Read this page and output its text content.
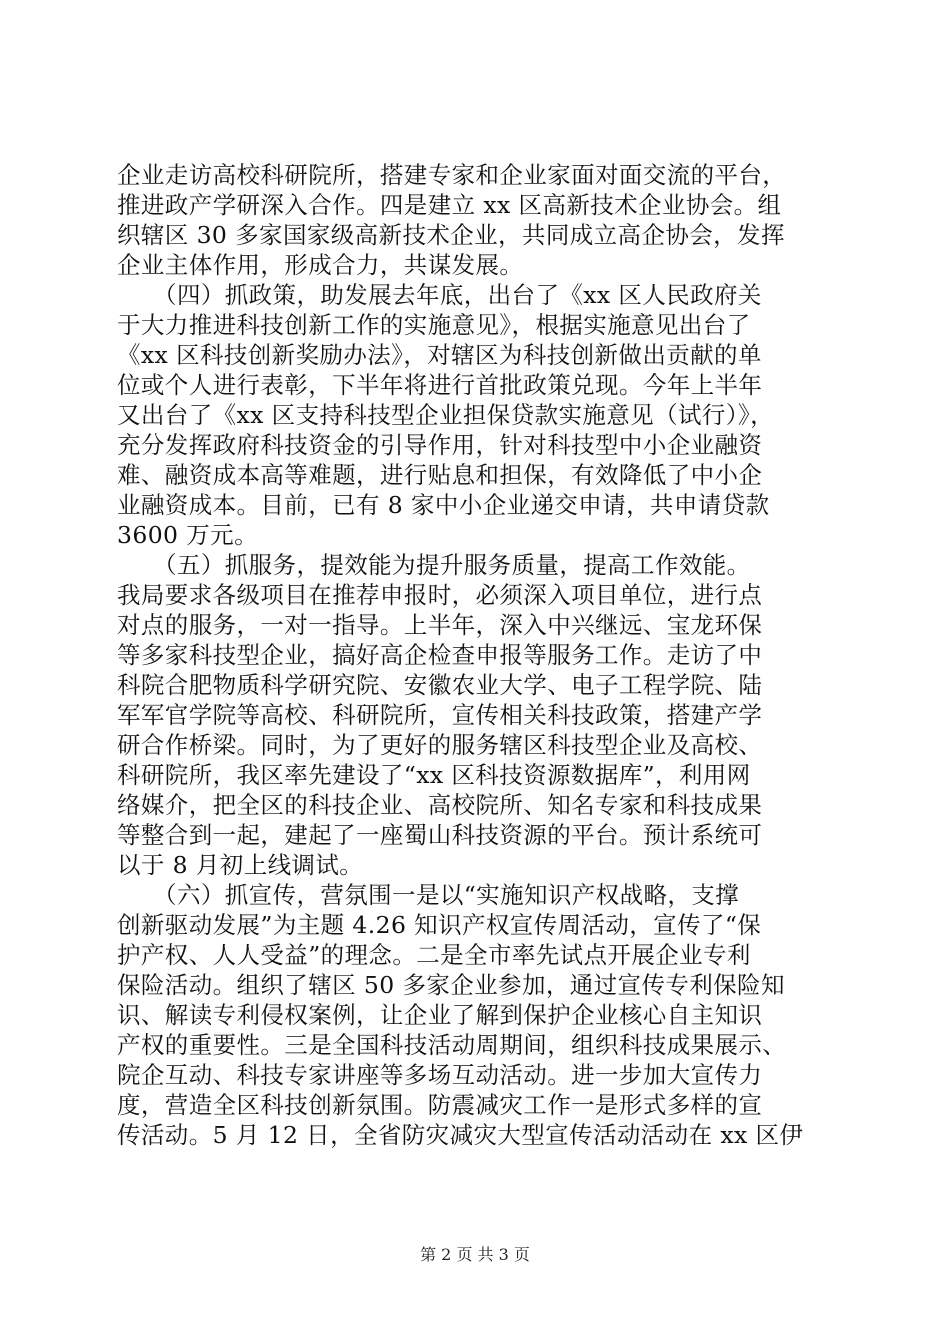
企业走访高校科研院所，搭建专家和企业家面对面交流的平台，
推进政产学研深入合作。四是建立 xx 区高新技术企业协会。组
织辖区 30 多家国家级高新技术企业，共同成立高企协会，发挥
企业主体作用，形成合力，共谋发展。
　　（四）抓政策，助发展去年底，出台了《xx 区人民政府关
于大力推进科技创新工作的实施意见》，根据实施意见出台了
《xx 区科技创新奖励办法》，对辖区为科技创新做出贡献的单
位或个人进行表彰，下半年将进行首批政策兑现。今年上半年
又出台了《xx 区支持科技型企业担保贷款实施意见（试行）》，
充分发挥政府科技资金的引导作用，针对科技型中小企业融资
难、融资成本高等难题，进行贴息和担保，有效降低了中小企
业融资成本。目前，已有 8 家中小企业递交申请，共申请贷款
3600 万元。
　　（五）抓服务，提效能为提升服务质量，提高工作效能。
我局要求各级项目在推荐申报时，必须深入项目单位，进行点
对点的服务，一对一指导。上半年，深入中兴继远、宝龙环保
等多家科技型企业，搞好高企检查申报等服务工作。走访了中
科院合肥物质科学研究院、安徽农业大学、电子工程学院、陆
军军官学院等高校、科研院所，宣传相关科技政策，搭建产学
研合作桥梁。同时，为了更好的服务辖区科技型企业及高校、
科研院所，我区率先建设了“xx 区科技资源数据库”，利用网
络媒介，把全区的科技企业、高校院所、知名专家和科技成果
等整合到一起，建起了一座蜀山科技资源的平台。预计系统可
以于 8 月初上线调试。
　　（六）抓宣传，营氛围一是以“实施知识产权战略，支撑
创新驱动发展”为主题 4.26 知识产权宣传周活动，宣传了“保
护产权、人人受益”的理念。二是全市率先试点开展企业专利
保险活动。组织了辖区 50 多家企业参加，通过宣传专利保险知
识、解读专利侵权案例，让企业了解到保护企业核心自主知识
产权的重要性。三是全国科技活动周期间，组织科技成果展示、
院企互动、科技专家讲座等多场互动活动。进一步加大宣传力
度，营造全区科技创新氛围。防震减灾工作一是形式多样的宣
传活动。5 月 12 日，全省防灾减灾大型宣传活动活动在 xx 区伊
第 2 页 共 3 页
